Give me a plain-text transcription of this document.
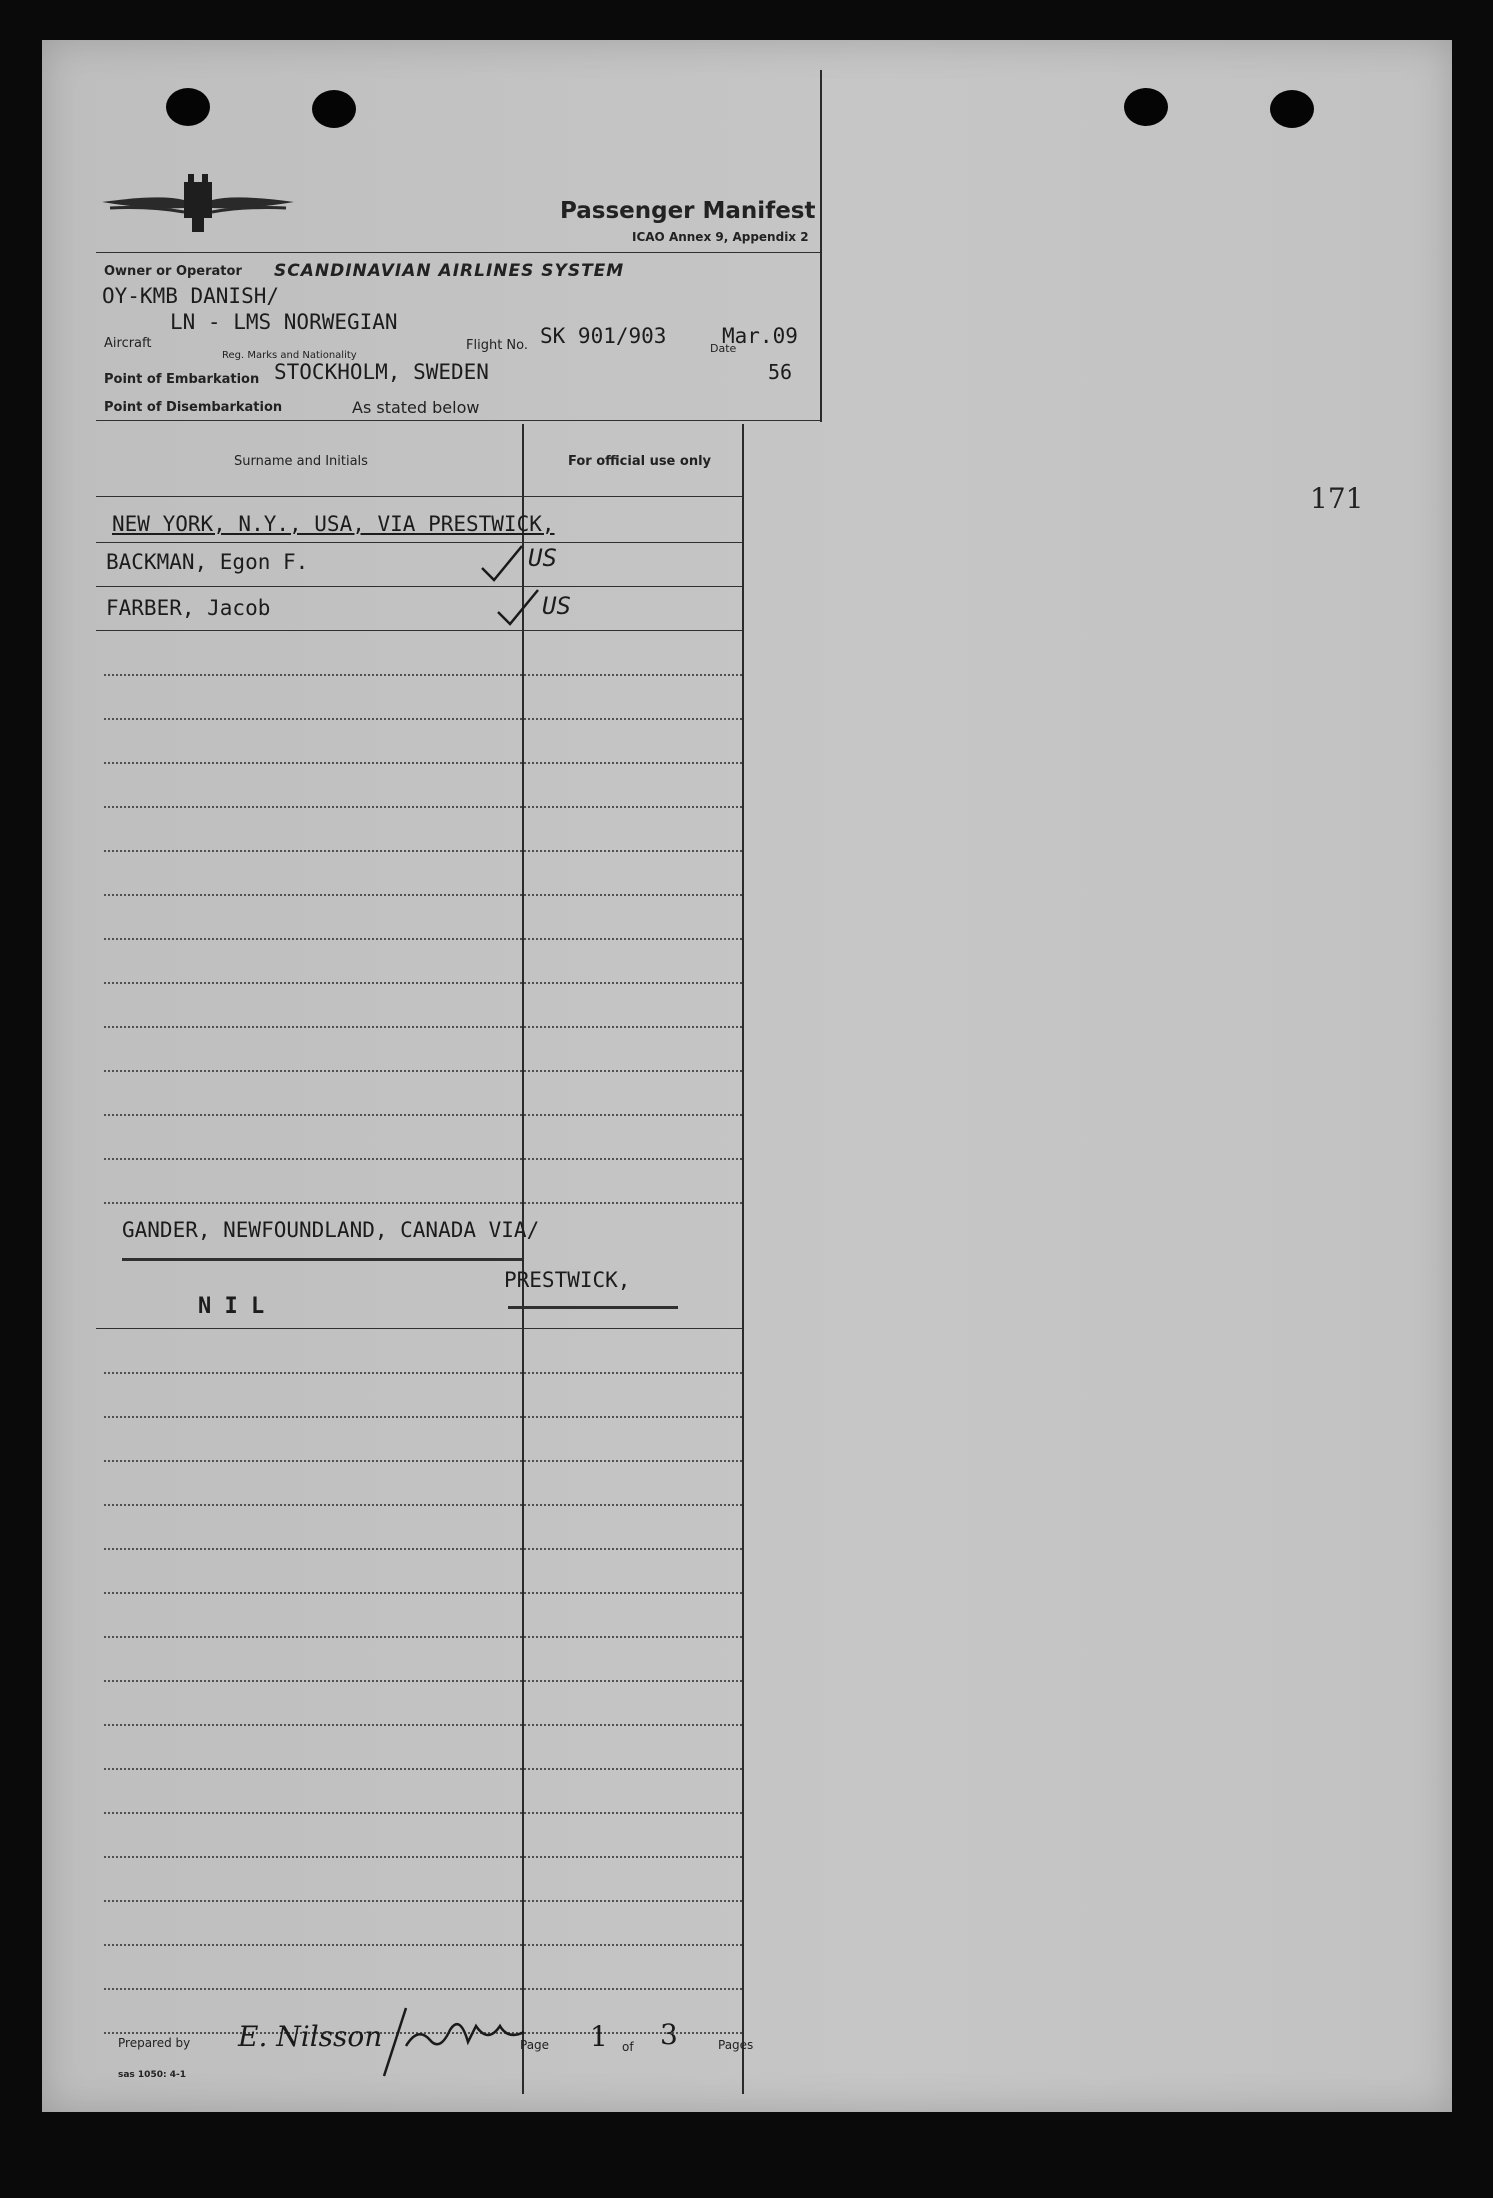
Passenger Manifest
ICAO Annex 9, Appendix 2
Owner or Operator SCANDINAVIAN AIRLINES SYSTEM
OY-KMB DANISH/
LN - LMS NORWEGIAN
Aircraft
Reg. Marks and Nationality
Flight No. SK 901/903
Date
Mar.09
Point of Embarkation STOCKHOLM, SWEDEN	56
Point of Disembarkation	As stated below
Surname and Initials	For official use only
NEW YORK, N.Y., USA, VIA PRESTWICK,
BACKMAN, Egon F.	US
FARBER, Jacob	US
GANDER, NEWFOUNDLAND, CANADA VIA/
PRESTWICK,
N I L
Prepared by E. Nilsson	Page 1 of 3	Pages
sas 1050: 4-1
171
